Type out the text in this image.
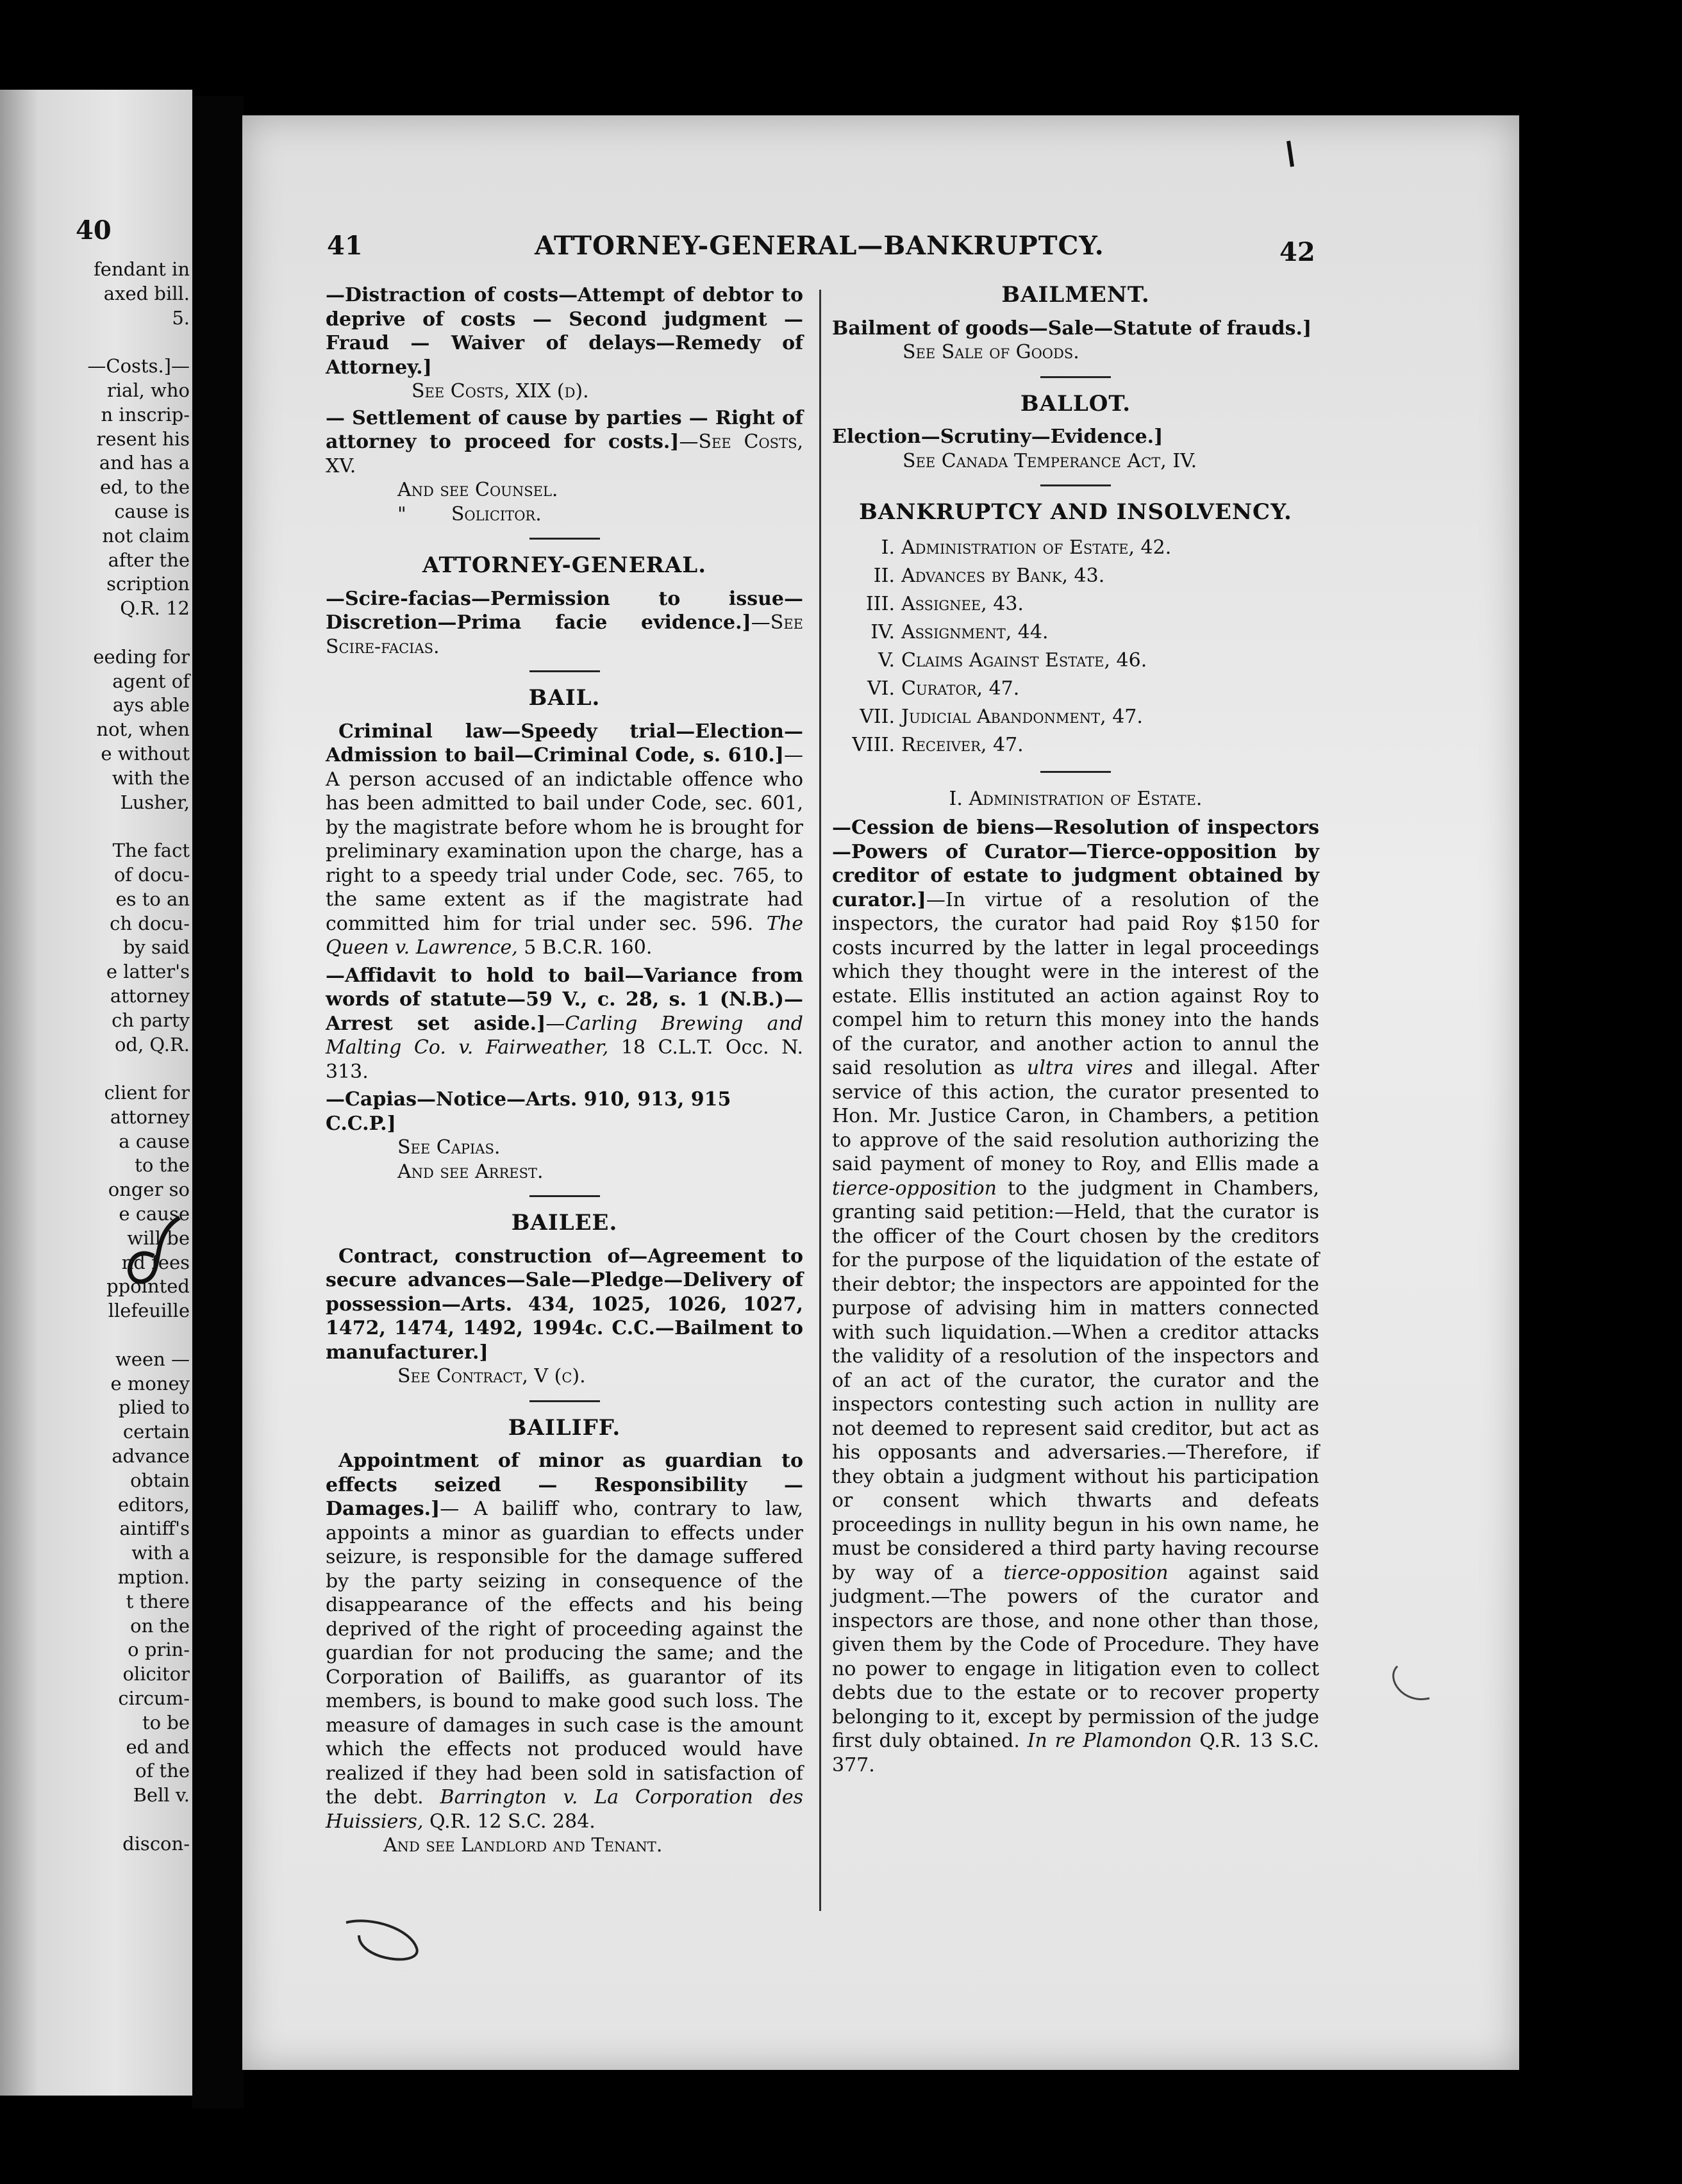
40
fendant in
axed bill.
5.

—Costs.]—
rial, who
n inscrip-
resent his
and has a
ed, to the
cause is
not claim
after the
scription
Q.R. 12

eeding for
agent of
ays able
not, when
e without
with the
Lusher,

The fact
of docu-
es to an
ch docu-
by said
e latter's
attorney
ch party
od, Q.R.

client for
attorney
a cause
to the
onger so
e cause
will be
nd fees
ppointed
llefeuille

ween —
e money
plied to
certain
advance
obtain
editors,
aintiff's
with a
mption.
t there
on the
o prin-
olicitor
circum-
to be
ed and
of the
Bell v.

discon-
41	ATTORNEY-GENERAL—BANKRUPTCY.	42

—Distraction of costs—Attempt of debtor to deprive of costs — Second judgment — Fraud — Waiver of delays—Remedy of Attorney.]

See Costs, XIX (d).

— Settlement of cause by parties — Right of attorney to proceed for costs.]—See Costs, XV.

And see Counsel.

" Solicitor.

ATTORNEY-GENERAL.

—Scire-facias—Permission to issue—Discretion—Prima facie evidence.]—See Scire-facias.

BAIL.

Criminal law—Speedy trial—Election—Admission to bail—Criminal Code, s. 610.]—A person accused of an indictable offence who has been admitted to bail under Code, sec. 601, by the magistrate before whom he is brought for preliminary examination upon the charge, has a right to a speedy trial under Code, sec. 765, to the same extent as if the magistrate had committed him for trial under sec. 596. The Queen v. Lawrence, 5 B.C.R. 160.

—Affidavit to hold to bail—Variance from words of statute—59 V., c. 28, s. 1 (N.B.)—Arrest set aside.]—Carling Brewing and Malting Co. v. Fairweather, 18 C.L.T. Occ. N. 313.

—Capias—Notice—Arts. 910, 913, 915 C.C.P.]

See Capias.

And see Arrest.

BAILEE.

Contract, construction of—Agreement to secure advances—Sale—Pledge—Delivery of possession—Arts. 434, 1025, 1026, 1027, 1472, 1474, 1492, 1994c. C.C.—Bailment to manufacturer.]

See Contract, V (c).

BAILIFF.

Appointment of minor as guardian to effects seized — Responsibility — Damages.]— A bailiff who, contrary to law, appoints a minor as guardian to effects under seizure, is responsible for the damage suffered by the party seizing in consequence of the disappearance of the effects and his being deprived of the right of proceeding against the guardian for not producing the same; and the Corporation of Bailiffs, as guarantor of its members, is bound to make good such loss. The measure of damages in such case is the amount which the effects not produced would have realized if they had been sold in satisfaction of the debt. Barrington v. La Corporation des Huissiers, Q.R. 12 S.C. 284.

And see Landlord and Tenant.

BAILMENT.

Bailment of goods—Sale—Statute of frauds.]

See Sale of Goods.

BALLOT.

Election—Scrutiny—Evidence.]

See Canada Temperance Act, IV.

BANKRUPTCY AND INSOLVENCY.
I. Administration of Estate, 42.
II. Advances by Bank, 43.
III. Assignee, 43.
IV. Assignment, 44.
V. Claims Against Estate, 46.
VI. Curator, 47.
VII. Judicial Abandonment, 47.
VIII. Receiver, 47.
I. Administration of Estate.

—Cession de biens—Resolution of inspectors—Powers of Curator—Tierce-opposition by creditor of estate to judgment obtained by curator.]—In virtue of a resolution of the inspectors, the curator had paid Roy $150 for costs incurred by the latter in legal proceedings which they thought were in the interest of the estate. Ellis instituted an action against Roy to compel him to return this money into the hands of the curator, and another action to annul the said resolution as ultra vires and illegal. After service of this action, the curator presented to Hon. Mr. Justice Caron, in Chambers, a petition to approve of the said resolution authorizing the said payment of money to Roy, and Ellis made a tierce-opposition to the judgment in Chambers, granting said petition:—Held, that the curator is the officer of the Court chosen by the creditors for the purpose of the liquidation of the estate of their debtor; the inspectors are appointed for the purpose of advising him in matters connected with such liquidation.—When a creditor attacks the validity of a resolution of the inspectors and of an act of the curator, the curator and the inspectors contesting such action in nullity are not deemed to represent said creditor, but act as his opposants and adversaries.—Therefore, if they obtain a judgment without his participation or consent which thwarts and defeats proceedings in nullity begun in his own name, he must be considered a third party having recourse by way of a tierce-opposition against said judgment.—The powers of the curator and inspectors are those, and none other than those, given them by the Code of Procedure. They have no power to engage in litigation even to collect debts due to the estate or to recover property belonging to it, except by permission of the judge first duly obtained. In re Plamondon Q.R. 13 S.C. 377.
